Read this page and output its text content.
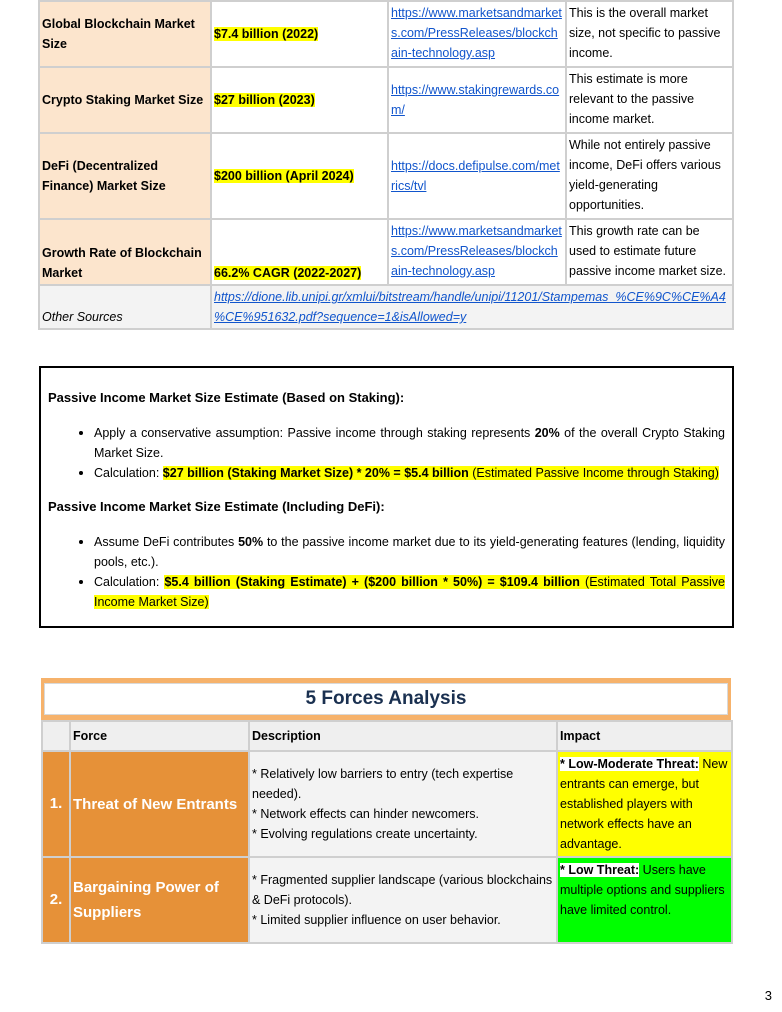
Global Blockchain Market Size	$7.4 billion (2022)	https://www.marketsandmarkets.com/PressReleases/blockchain-technology.asp	This is the overall market size, not specific to passive income.
Crypto Staking Market Size	$27 billion (2023)	https://www.stakingrewards.com/	This estimate is more relevant to the passive income market.
DeFi (Decentralized Finance) Market Size	$200 billion (April 2024)	https://docs.defipulse.com/metrics/tvl	While not entirely passive income, DeFi offers various yield-generating opportunities.
Growth Rate of Blockchain Market	66.2% CAGR (2022-2027)	https://www.marketsandmarkets.com/PressReleases/blockchain-technology.asp	This growth rate can be used to estimate future passive income market size.
Other Sources	https://dione.lib.unipi.gr/xmlui/bitstream/handle/unipi/11201/Stampemas_%CE%9C%CE%A4%CE%951632.pdf?sequence=1&isAllowed=y		
Passive Income Market Size Estimate (Based on Staking):
• Apply a conservative assumption: Passive income through staking represents 20% of the overall Crypto Staking Market Size.
• Calculation: $27 billion (Staking Market Size) * 20% = $5.4 billion (Estimated Passive Income through Staking)
Passive Income Market Size Estimate (Including DeFi):
• Assume DeFi contributes 50% to the passive income market due to its yield-generating features (lending, liquidity pools, etc.).
• Calculation: $5.4 billion (Staking Estimate) + ($200 billion * 50%) = $109.4 billion (Estimated Total Passive Income Market Size)
5 Forces Analysis
	Force	Description	Impact
1.	Threat of New Entrants	* Relatively low barriers to entry (tech expertise needed).
* Network effects can hinder newcomers.
* Evolving regulations create uncertainty.	* Low-Moderate Threat: New entrants can emerge, but established players with network effects have an advantage.
2.	Bargaining Power of Suppliers	* Fragmented supplier landscape (various blockchains & DeFi protocols).
* Limited supplier influence on user behavior.	* Low Threat: Users have multiple options and suppliers have limited control.
3
